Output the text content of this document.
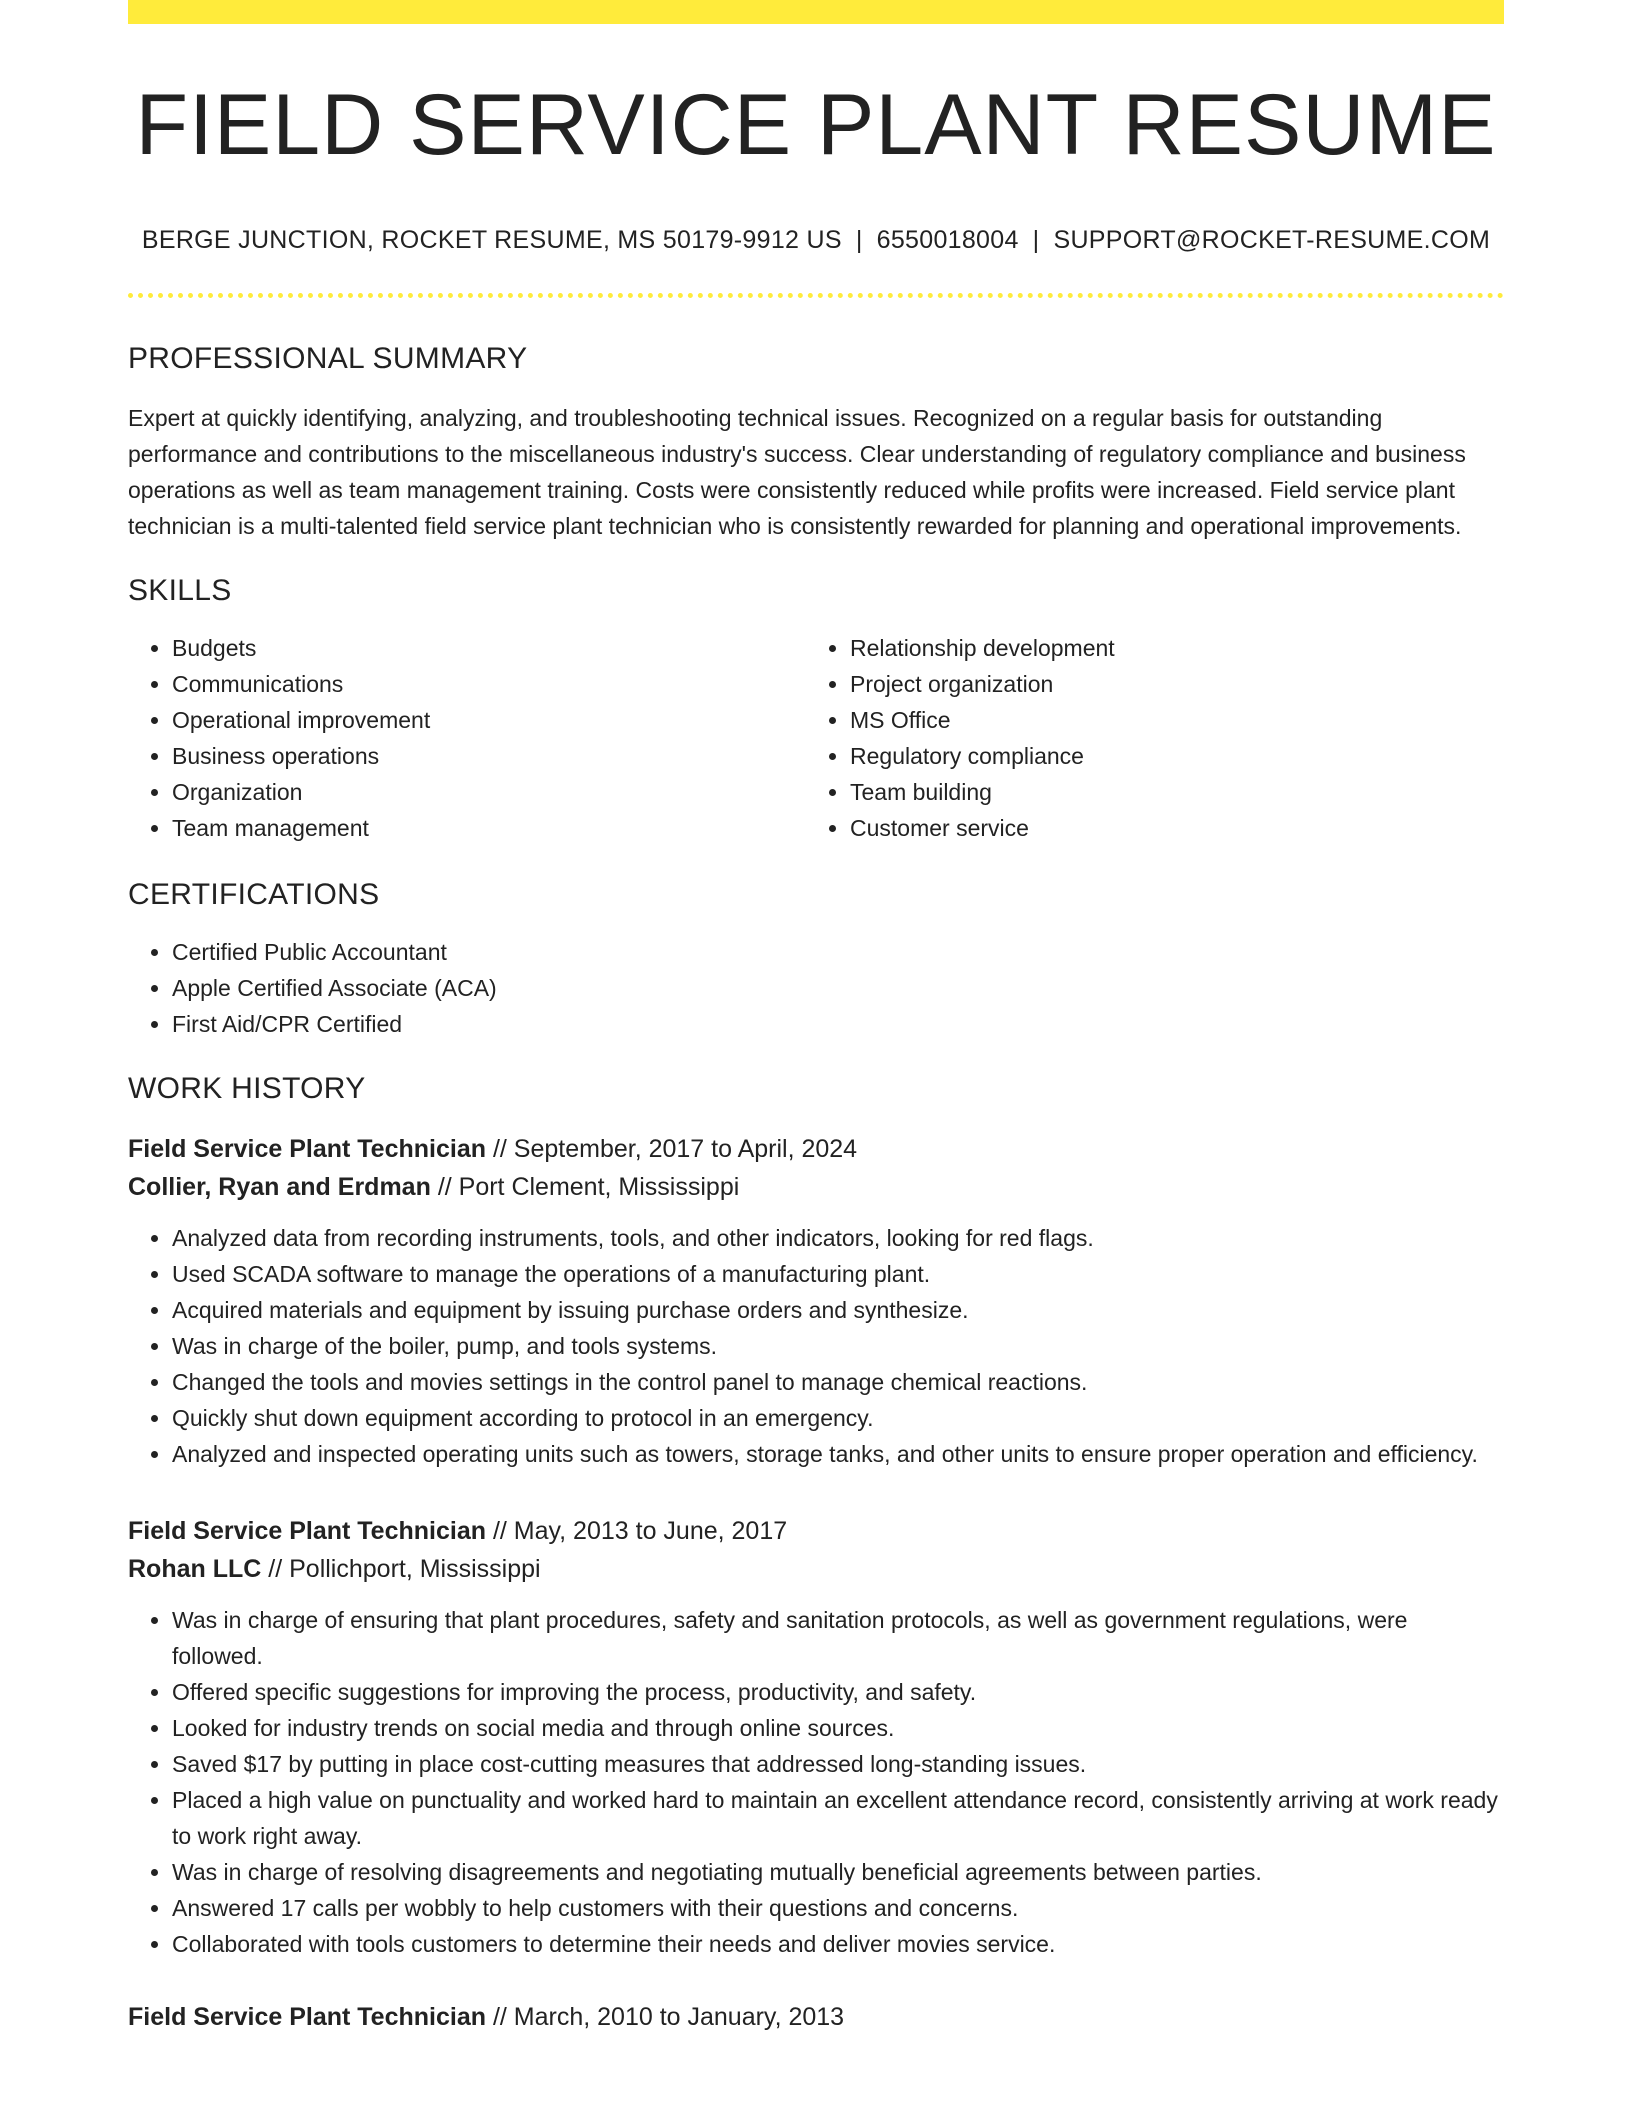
FIELD SERVICE PLANT RESUME
BERGE JUNCTION, ROCKET RESUME, MS 50179-9912 US | 6550018004 | SUPPORT@ROCKET-RESUME.COM
PROFESSIONAL SUMMARY

Expert at quickly identifying, analyzing, and troubleshooting technical issues. Recognized on a regular basis for outstanding performance and contributions to the miscellaneous industry's success. Clear understanding of regulatory compliance and business operations as well as team management training. Costs were consistently reduced while profits were increased. Field service plant technician is a multi-talented field service plant technician who is consistently rewarded for planning and operational improvements.

SKILLS
• Budgets
• Communications
• Operational improvement
• Business operations
• Organization
• Team management
• Relationship development
• Project organization
• MS Office
• Regulatory compliance
• Team building
• Customer service
CERTIFICATIONS
• Certified Public Accountant
• Apple Certified Associate (ACA)
• First Aid/CPR Certified
WORK HISTORY
Field Service Plant Technician // September, 2017 to April, 2024
Collier, Ryan and Erdman // Port Clement, Mississippi
• Analyzed data from recording instruments, tools, and other indicators, looking for red flags.
• Used SCADA software to manage the operations of a manufacturing plant.
• Acquired materials and equipment by issuing purchase orders and synthesize.
• Was in charge of the boiler, pump, and tools systems.
• Changed the tools and movies settings in the control panel to manage chemical reactions.
• Quickly shut down equipment according to protocol in an emergency.
• Analyzed and inspected operating units such as towers, storage tanks, and other units to ensure proper operation and efficiency.
Field Service Plant Technician // May, 2013 to June, 2017
Rohan LLC // Pollichport, Mississippi
• Was in charge of ensuring that plant procedures, safety and sanitation protocols, as well as government regulations, were followed.
• Offered specific suggestions for improving the process, productivity, and safety.
• Looked for industry trends on social media and through online sources.
• Saved $17 by putting in place cost-cutting measures that addressed long-standing issues.
• Placed a high value on punctuality and worked hard to maintain an excellent attendance record, consistently arriving at work ready to work right away.
• Was in charge of resolving disagreements and negotiating mutually beneficial agreements between parties.
• Answered 17 calls per wobbly to help customers with their questions and concerns.
• Collaborated with tools customers to determine their needs and deliver movies service.
Field Service Plant Technician // March, 2010 to January, 2013
